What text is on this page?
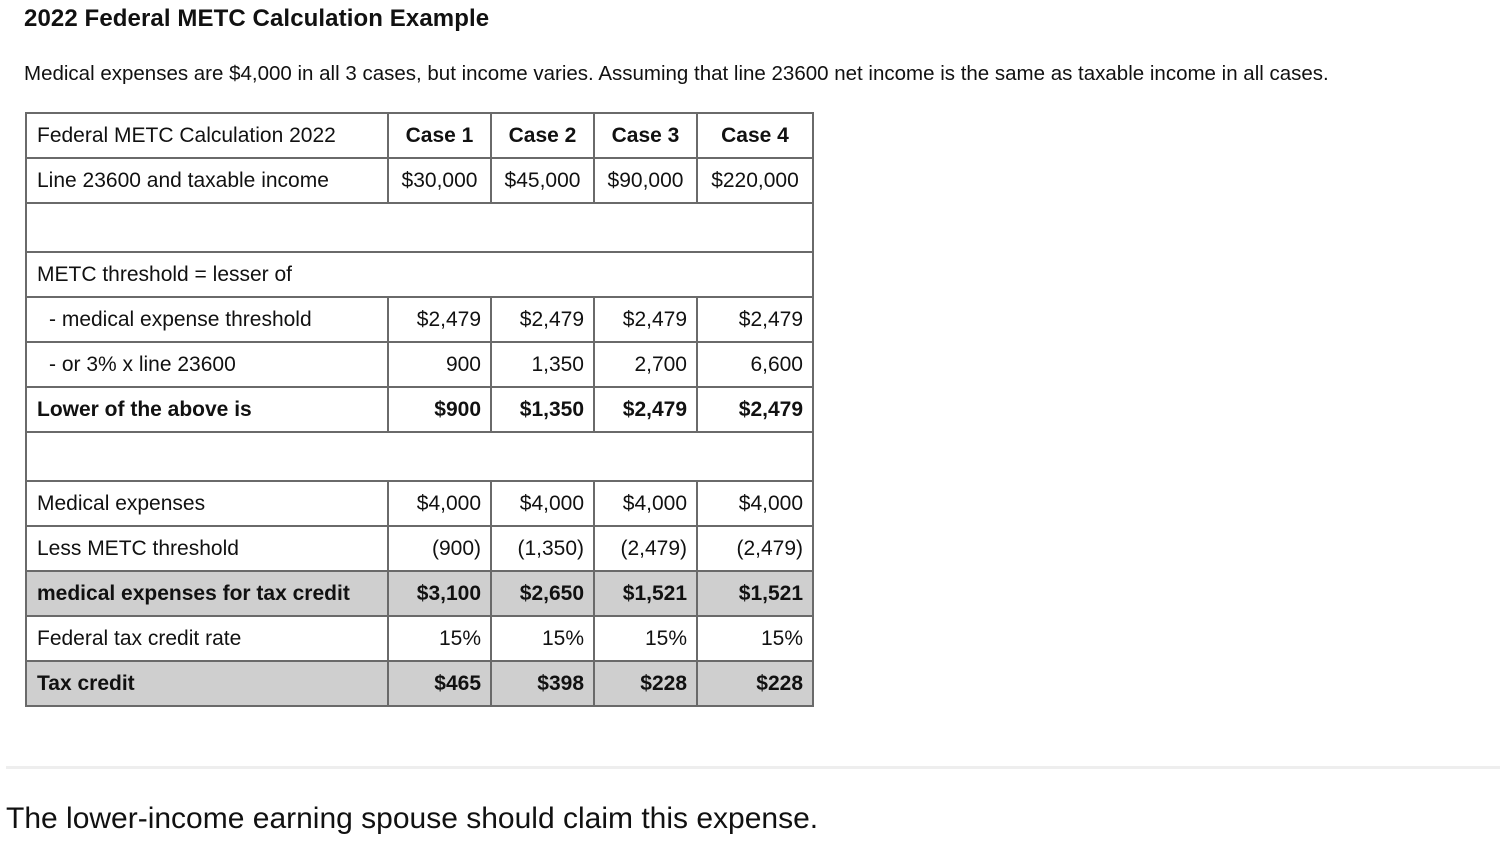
2022 Federal METC Calculation Example
Medical expenses are $4,000 in all 3 cases, but income varies. Assuming that line 23600 net income is the same as taxable income in all cases.
Federal METC Calculation 2022	Case 1	Case 2	Case 3	Case 4
Line 23600 and taxable income	$30,000	$45,000	$90,000	$220,000

METC threshold = lesser of				
- medical expense threshold	$2,479	$2,479	$2,479	$2,479
- or 3% x line 23600	900	1,350	2,700	6,600
Lower of the above is	$900	$1,350	$2,479	$2,479

Medical expenses	$4,000	$4,000	$4,000	$4,000
Less METC threshold	(900)	(1,350)	(2,479)	(2,479)
medical expenses for tax credit	$3,100	$2,650	$1,521	$1,521
Federal tax credit rate	15%	15%	15%	15%
Tax credit	$465	$398	$228	$228
The lower-income earning spouse should claim this expense.
